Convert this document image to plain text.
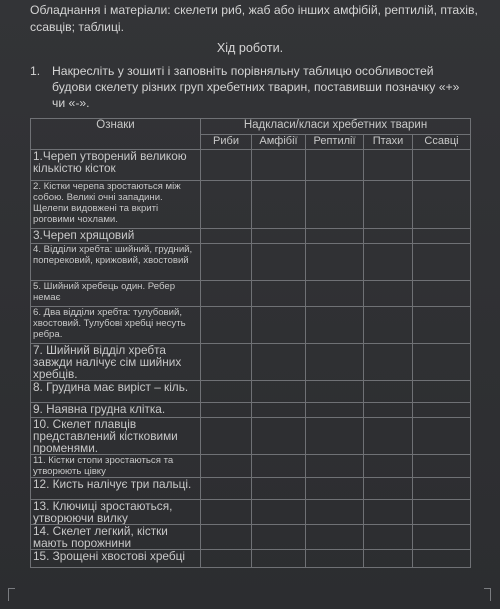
Обладнання і матеріали: скелети риб, жаб або інших амфібій, рептилій, птахів, ссавців; таблиці.
Хід роботи.
1. Накресліть у зошиті і заповніть порівняльну таблицю особливостей будови скелету різних груп хребетних тварин, поставивши позначку «+» чи «-».
Ознаки	Надкласи/класи хребетних тварин				
	Риби	Амфібії	Рептилії	Птахи	Ссавці
1.Череп утворений великою кількістю кісток					
2. Кістки черепа зростаються між собою. Великі очні западини. Щелепи видовжені та вкриті роговими чохлами.					
3.Череп хрящовий					
4. Відділи хребта: шийний, грудний, поперековий, крижовий, хвостовий					
5. Шийний хребець один. Ребер немає					
6. Два відділи хребта: тулубовий, хвостовий. Тулубові хребці несуть ребра.					
7. Шийний відділ хребта завжди налічує сім шийних хребців.					
8. Грудина має виріст – кіль.					
9. Наявна грудна клітка.					
10. Скелет плавців представлений кістковими променями.					
11. Кістки стопи зростаються та утворюють цівку					
12. Кисть налічує три пальці.					
13. Ключиці зростаються, утворюючи вилку					
14. Скелет легкий, кістки мають порожнини					
15. Зрощені хвостові хребці					
